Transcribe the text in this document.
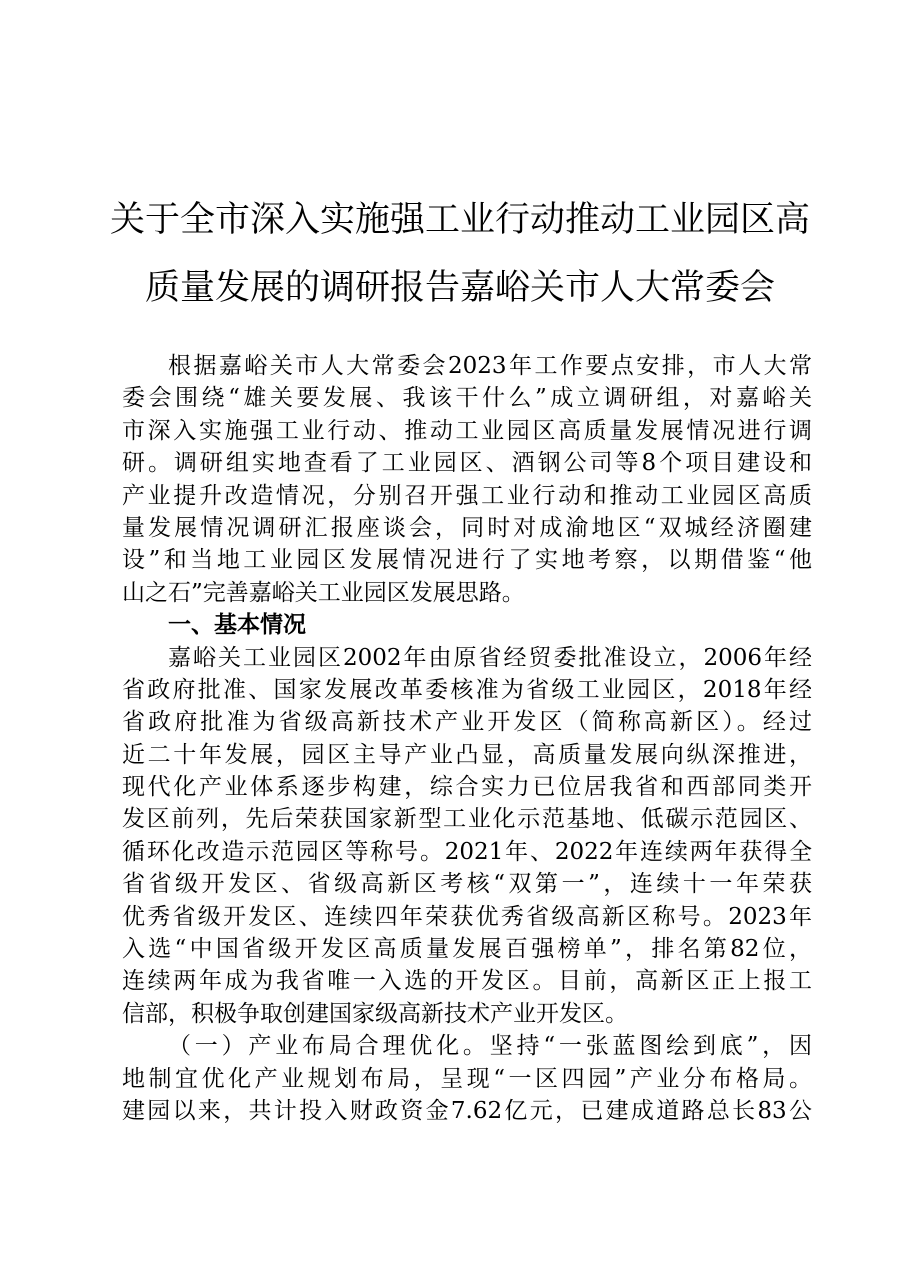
关于全市深入实施强工业行动推动工业园区高
质量发展的调研报告嘉峪关市人大常委会
根据嘉峪关市人大常委会2023年工作要点安排，市人大常
委会围绕“雄关要发展、我该干什么”成立调研组，对嘉峪关
市深入实施强工业行动、推动工业园区高质量发展情况进行调
研。调研组实地查看了工业园区、酒钢公司等8个项目建设和
产业提升改造情况，分别召开强工业行动和推动工业园区高质
量发展情况调研汇报座谈会，同时对成渝地区“双城经济圈建
设”和当地工业园区发展情况进行了实地考察，以期借鉴“他
山之石”完善嘉峪关工业园区发展思路。
一、基本情况
嘉峪关工业园区2002年由原省经贸委批准设立，2006年经
省政府批准、国家发展改革委核准为省级工业园区，2018年经
省政府批准为省级高新技术产业开发区（简称高新区）。经过
近二十年发展，园区主导产业凸显，高质量发展向纵深推进，
现代化产业体系逐步构建，综合实力已位居我省和西部同类开
发区前列，先后荣获国家新型工业化示范基地、低碳示范园区、
循环化改造示范园区等称号。2021年、2022年连续两年获得全
省省级开发区、省级高新区考核“双第一”，连续十一年荣获
优秀省级开发区、连续四年荣获优秀省级高新区称号。2023年
入选“中国省级开发区高质量发展百强榜单”，排名第82位，
连续两年成为我省唯一入选的开发区。目前，高新区正上报工
信部，积极争取创建国家级高新技术产业开发区。
（一）产业布局合理优化。坚持“一张蓝图绘到底”，因
地制宜优化产业规划布局，呈现“一区四园”产业分布格局。
建园以来，共计投入财政资金7.62亿元，已建成道路总长83公
